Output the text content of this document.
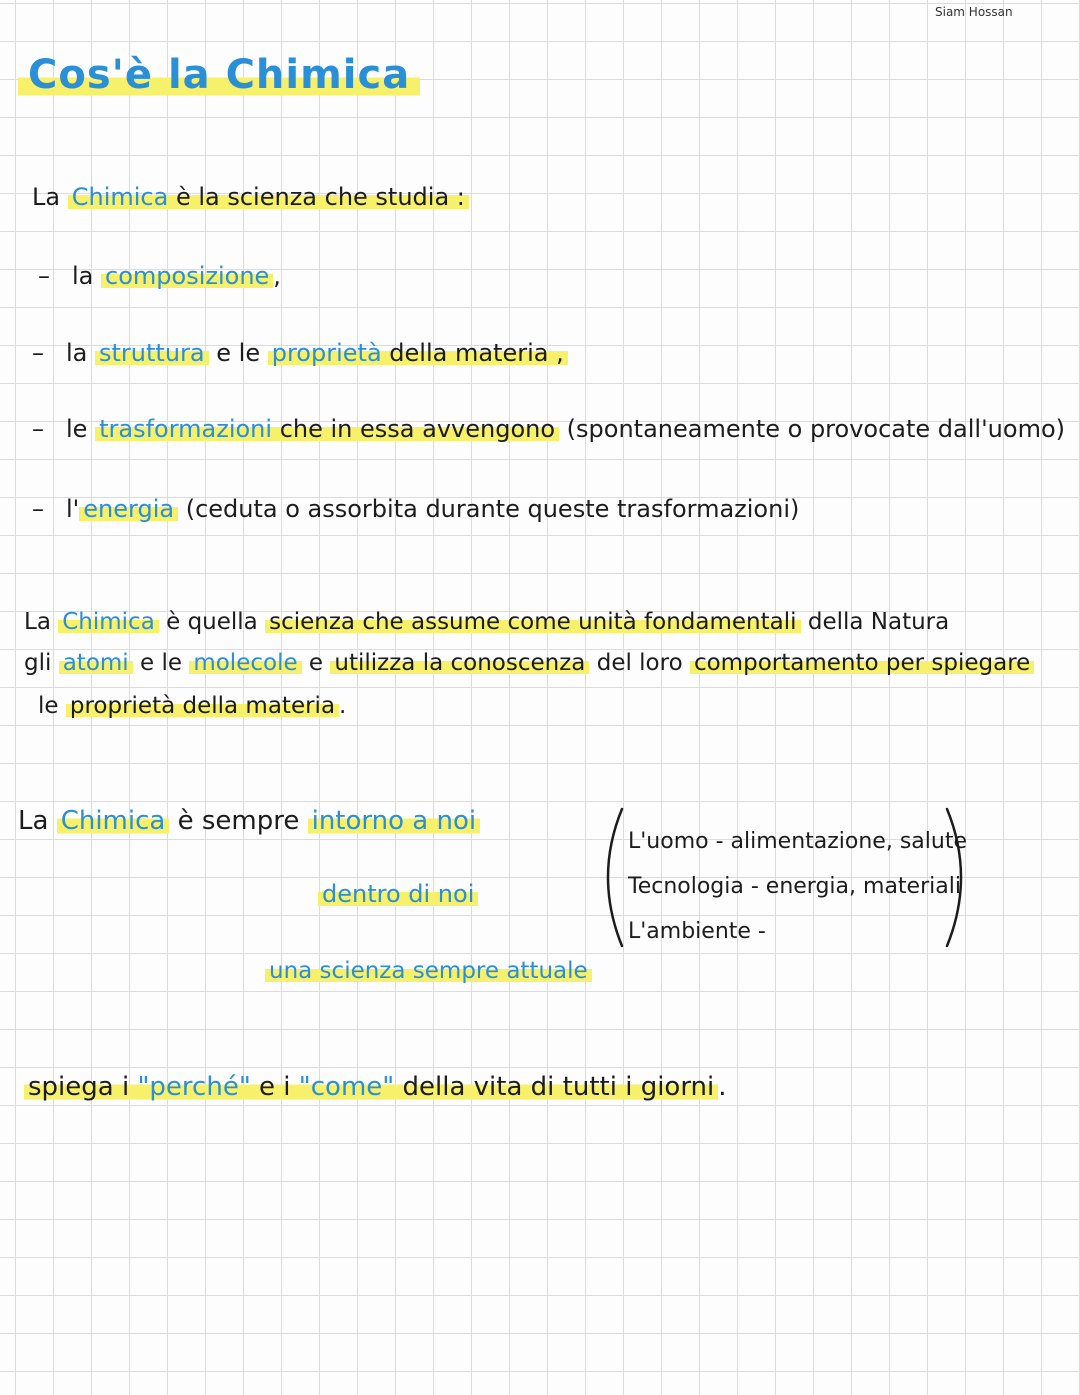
Siam Hossan
Cos'è la Chimica
La Chimica è la scienza che studia :
– la composizione ,
– la struttura e le proprietà della materia ,
– le trasformazioni che in essa avvengono (spontaneamente o provocate dall'uomo)
– l' energia (ceduta o assorbita durante queste trasformazioni)
La Chimica è quella scienza che assume come unità fondamentali della Natura
gli atomi e le molecole e utilizza la conoscenza del loro comportamento per spiegare
le proprietà della materia .
La Chimica è sempre intorno a noi
dentro di noi
una scienza sempre attuale
L'uomo - alimentazione, salute
Tecnologia - energia, materiali
L'ambiente -
spiega i "perché" e i "come" della vita di tutti i giorni .
